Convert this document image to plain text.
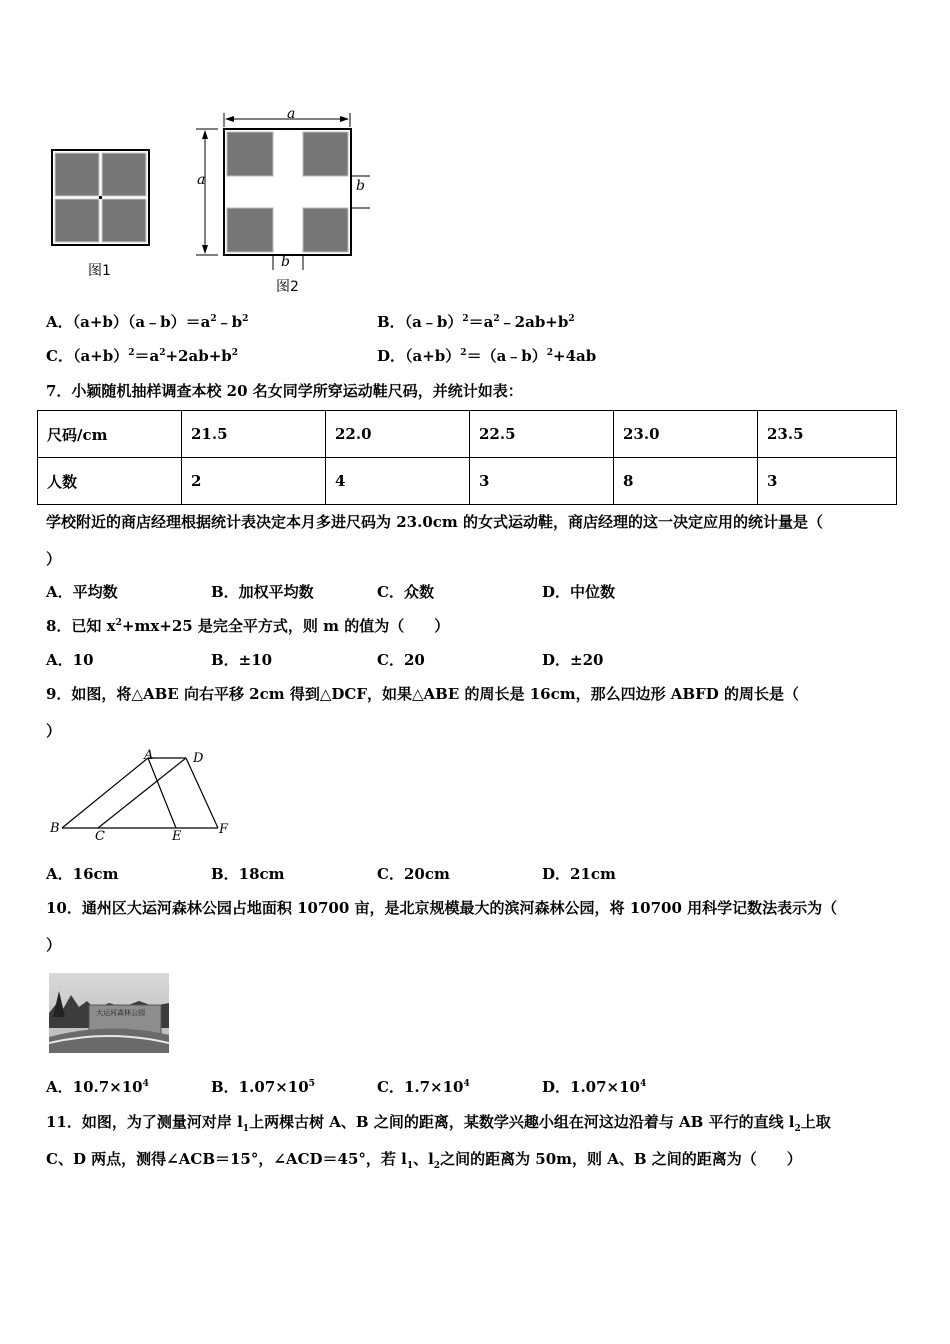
图1
a
a	b
b
图2
A．$(a+b)(a﹣b)=a^2﹣b^2$	B．$(a﹣b)^2=a^2﹣2ab+b^2$
C．$(a+b)^2=a^2+2ab+b^2$	D．$(a+b)^2=(a﹣b)^2+4ab$
7．小颖随机抽样调查本校 20 名女同学所穿运动鞋尺码，并统计如表：
尺码/cm	21.5	22.0	22.5	23.0	23.5
人数	2	4	3	8	3
学校附近的商店经理根据统计表决定本月多进尺码为 23.0cm 的女式运动鞋，商店经理的这一决定应用的统计量是（
）
A．平均数	B．加权平均数	C．众数	D．中位数
8．已知 $x^2+mx+25$ 是完全平方式，则 m 的值为（　　）
A．10	B．±10	C．20	D．±20
9．如图，将△ABE 向右平移 2cm 得到△DCF，如果△ABE 的周长是 16cm，那么四边形 ABFD 的周长是（
）
A	D
B
C	E	F
A．16cm	B．18cm	C．20cm	D．21cm
10．通州区大运河森林公园占地面积 10700 亩，是北京规模最大的滨河森林公园，将 10700 用科学记数法表示为（
）
大运河森林公园
A．$10.7\times 10^4$	B．$1.07\times 10^5$	C．$1.7\times 10^4$	D．$1.07\times 10^4$
11．如图，为了测量河对岸 $l_1$上两棵古树 A、B 之间的距离，某数学兴趣小组在河这边沿着与 AB 平行的直线 $l_2$上取
C、D 两点，测得∠ACB＝15°，∠ACD＝45°，若 $l_1$、$l_2$之间的距离为 50m，则 A、B 之间的距离为（　　）
